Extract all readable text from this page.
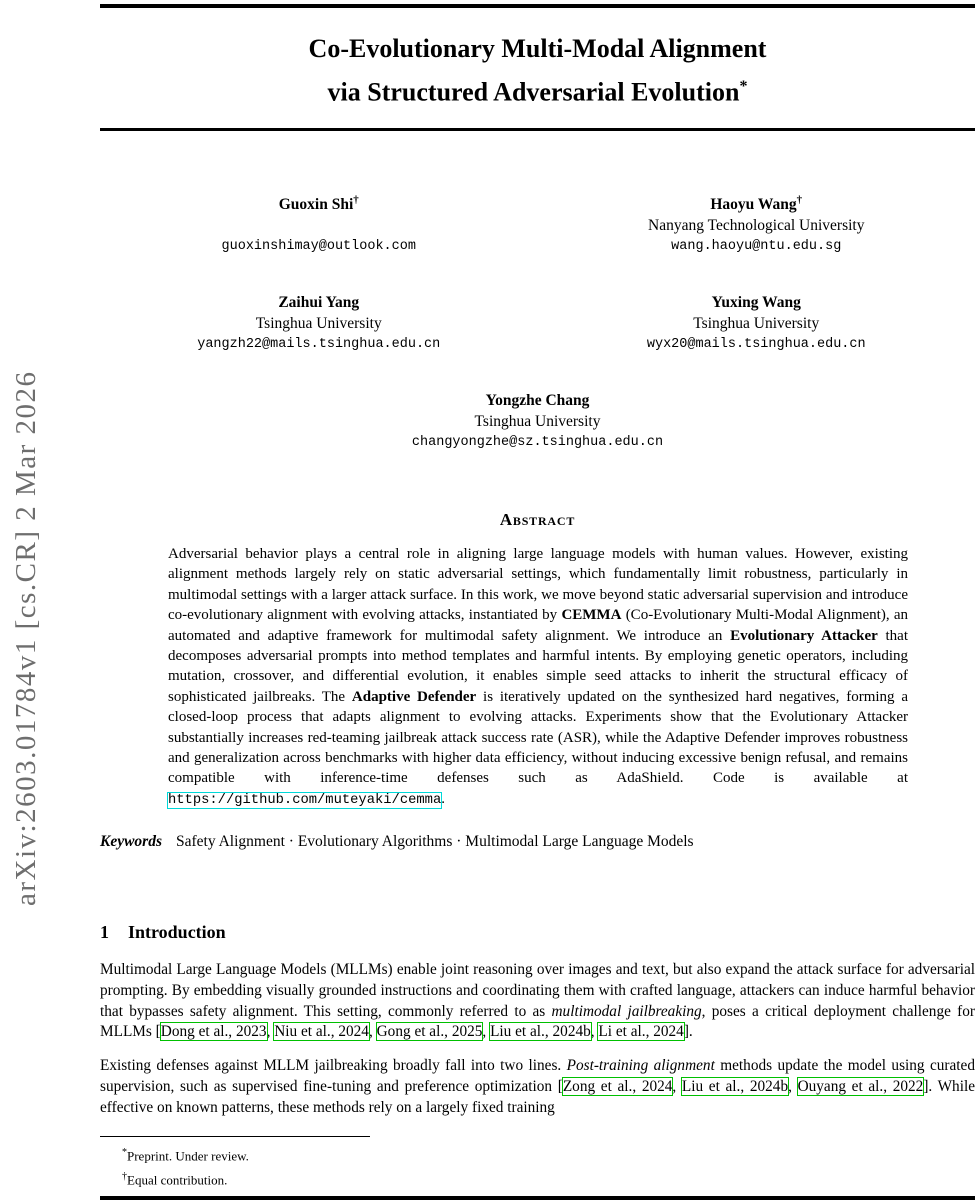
arXiv:2603.01784v1 [cs.CR] 2 Mar 2026
Co-Evolutionary Multi-Modal Alignment
via Structured Adversarial Evolution*
Guoxin Shi†
guoxinshimay@outlook.com
Haoyu Wang†
Nanyang Technological University
wang.haoyu@ntu.edu.sg
Zaihui Yang
Tsinghua University
yangzh22@mails.tsinghua.edu.cn
Yuxing Wang
Tsinghua University
wyx20@mails.tsinghua.edu.cn
Yongzhe Chang
Tsinghua University
changyongzhe@sz.tsinghua.edu.cn
Abstract

Adversarial behavior plays a central role in aligning large language models with human values. However, existing alignment methods largely rely on static adversarial settings, which fundamentally limit robustness, particularly in multimodal settings with a larger attack surface. In this work, we move beyond static adversarial supervision and introduce co-evolutionary alignment with evolving attacks, instantiated by CEMMA (Co-Evolutionary Multi-Modal Alignment), an automated and adaptive framework for multimodal safety alignment. We introduce an Evolutionary Attacker that decomposes adversarial prompts into method templates and harmful intents. By employing genetic operators, including mutation, crossover, and differential evolution, it enables simple seed attacks to inherit the structural efficacy of sophisticated jailbreaks. The Adaptive Defender is iteratively updated on the synthesized hard negatives, forming a closed-loop process that adapts alignment to evolving attacks. Experiments show that the Evolutionary Attacker substantially increases red-teaming jailbreak attack success rate (ASR), while the Adaptive Defender improves robustness and generalization across benchmarks with higher data efficiency, without inducing excessive benign refusal, and remains compatible with inference-time defenses such as AdaShield. Code is available at https://github.com/muteyaki/cemma.

Keywords Safety Alignment · Evolutionary Algorithms · Multimodal Large Language Models

1 Introduction

Multimodal Large Language Models (MLLMs) enable joint reasoning over images and text, but also expand the attack surface for adversarial prompting. By embedding visually grounded instructions and coordinating them with crafted language, attackers can induce harmful behavior that bypasses safety alignment. This setting, commonly referred to as multimodal jailbreaking, poses a critical deployment challenge for MLLMs [Dong et al., 2023, Niu et al., 2024, Gong et al., 2025, Liu et al., 2024b, Li et al., 2024].

Existing defenses against MLLM jailbreaking broadly fall into two lines. Post-training alignment methods update the model using curated supervision, such as supervised fine-tuning and preference optimization [Zong et al., 2024, Liu et al., 2024b, Ouyang et al., 2022]. While effective on known patterns, these methods rely on a largely fixed training

*Preprint. Under review.
†Equal contribution.
